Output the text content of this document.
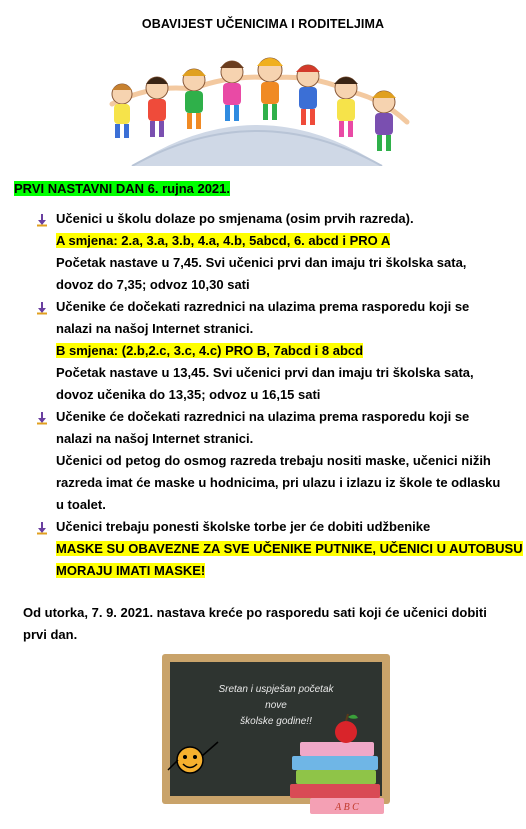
OBAVIJEST UČENICIMA I RODITELJIMA
PRVI NASTAVNI DAN 6. rujna 2021.
Učenici u školu dolaze po smjenama (osim prvih razreda).
A smjena: 2.a, 3.a, 3.b, 4.a, 4.b, 5abcd, 6. abcd i PRO A
Početak nastave u 7,45. Svi učenici prvi dan imaju tri školska sata,
dovoz do 7,35; odvoz 10,30 sati
Učenike će dočekati razrednici na ulazima prema rasporedu koji se
nalazi na našoj Internet stranici.
B smjena: (2.b,2.c, 3.c, 4.c) PRO B, 7abcd i 8 abcd
Početak nastave u 13,45. Svi učenici prvi dan imaju tri školska sata,
dovoz učenika do 13,35; odvoz u 16,15 sati
Učenike će dočekati razrednici na ulazima prema rasporedu koji se
nalazi na našoj Internet stranici.
Učenici od petog do osmog razreda trebaju nositi maske, učenici nižih
razreda imat će maske u hodnicima, pri ulazu i izlazu iz škole te odlasku
u toalet.
Učenici trebaju ponesti školske torbe jer će dobiti udžbenike
MASKE SU OBAVEZNE ZA SVE UČENIKE PUTNIKE, UČENICI U AUTOBUSU
MORAJU IMATI MASKE!
Od utorka, 7. 9. 2021. nastava kreće po rasporedu sati koji će učenici dobiti
prvi dan.
Sretan i uspješan početak
nove
školske godine!!
A B C
